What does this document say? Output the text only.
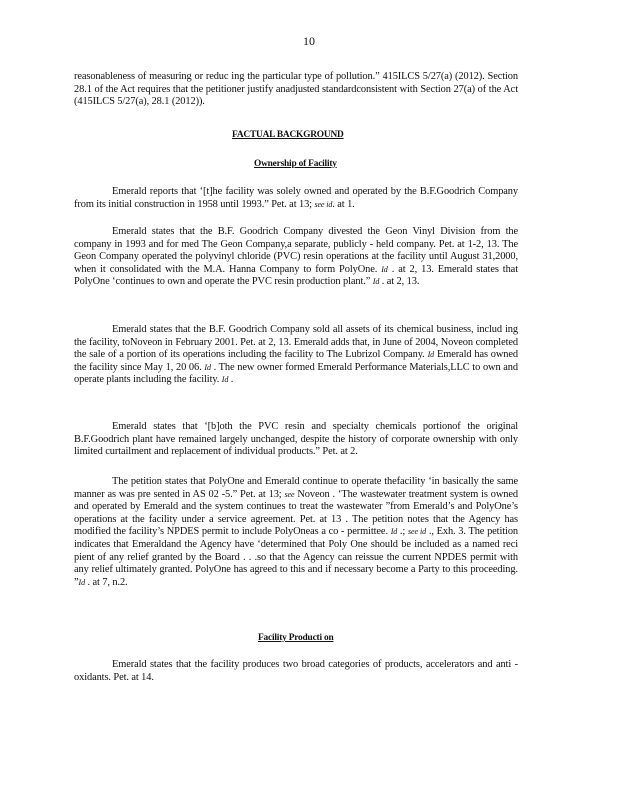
10

reasonableness of measuring or reduc ing the particular type of pollution.” 415ILCS 5/27(a) (2012). Section 28.1 of the Act requires that the petitioner justify anadjusted standardconsistent with Section 27(a) of the Act (415ILCS 5/27(a), 28.1 (2012)).

FACTUAL BACKGROUND
Ownership of Facility

Emerald reports that ‘[t]he facility was solely owned and operated by the B.F.Goodrich Company from its initial construction in 1958 until 1993.” Pet. at 13; see id. at 1.

Emerald states that the B.F. Goodrich Company divested the Geon Vinyl Division from the company in 1993 and for med The Geon Company,a separate, publicly - held company. Pet. at 1-2, 13. The Geon Company operated the polyvinyl chloride (PVC) resin operations at the facility until August 31,2000, when it consolidated with the M.A. Hanna Company to form PolyOne. Id . at 2, 13. Emerald states that PolyOne ‘continues to own and operate the PVC resin production plant.” Id . at 2, 13.

Emerald states that the B.F. Goodrich Company sold all assets of its chemical business, includ ing the facility, toNoveon in February 2001. Pet. at 2, 13. Emerald adds that, in June of 2004, Noveon completed the sale of a portion of its operations including the facility to The Lubrizol Company. Id Emerald has owned the facility since May 1, 20 06. Id . The new owner formed Emerald Performance Materials,LLC to own and operate plants including the facility. Id .

Emerald states that ‘[b]oth the PVC resin and specialty chemicals portionof the original B.F.Goodrich plant have remained largely unchanged, despite the history of corporate ownership with only limited curtailment and replacement of individual products.” Pet. at 2.

The petition states that PolyOne and Emerald continue to operate thefacility ‘in basically the same manner as was pre sented in AS 02 -5.” Pet. at 13; see Noveon . ‘The wastewater treatment system is owned and operated by Emerald and the system continues to treat the wastewater ”from Emerald’s and PolyOne’s operations at the facility under a service agreement. Pet. at 13 . The petition notes that the Agency has modified the facility’s NPDES permit to include PolyOneas a co - permittee. Id .; see id ., Exh. 3. The petition indicates that Emeraldand the Agency have ‘determined that Poly One should be included as a named reci pient of any relief granted by the Board . . .so that the Agency can reissue the current NPDES permit with any relief ultimately granted. PolyOne has agreed to this and if necessary become a Party to this proceeding. ”Id . at 7, n.2.

Facility Producti on

Emerald states that the facility produces two broad categories of products, accelerators and anti -oxidants. Pet. at 14.
